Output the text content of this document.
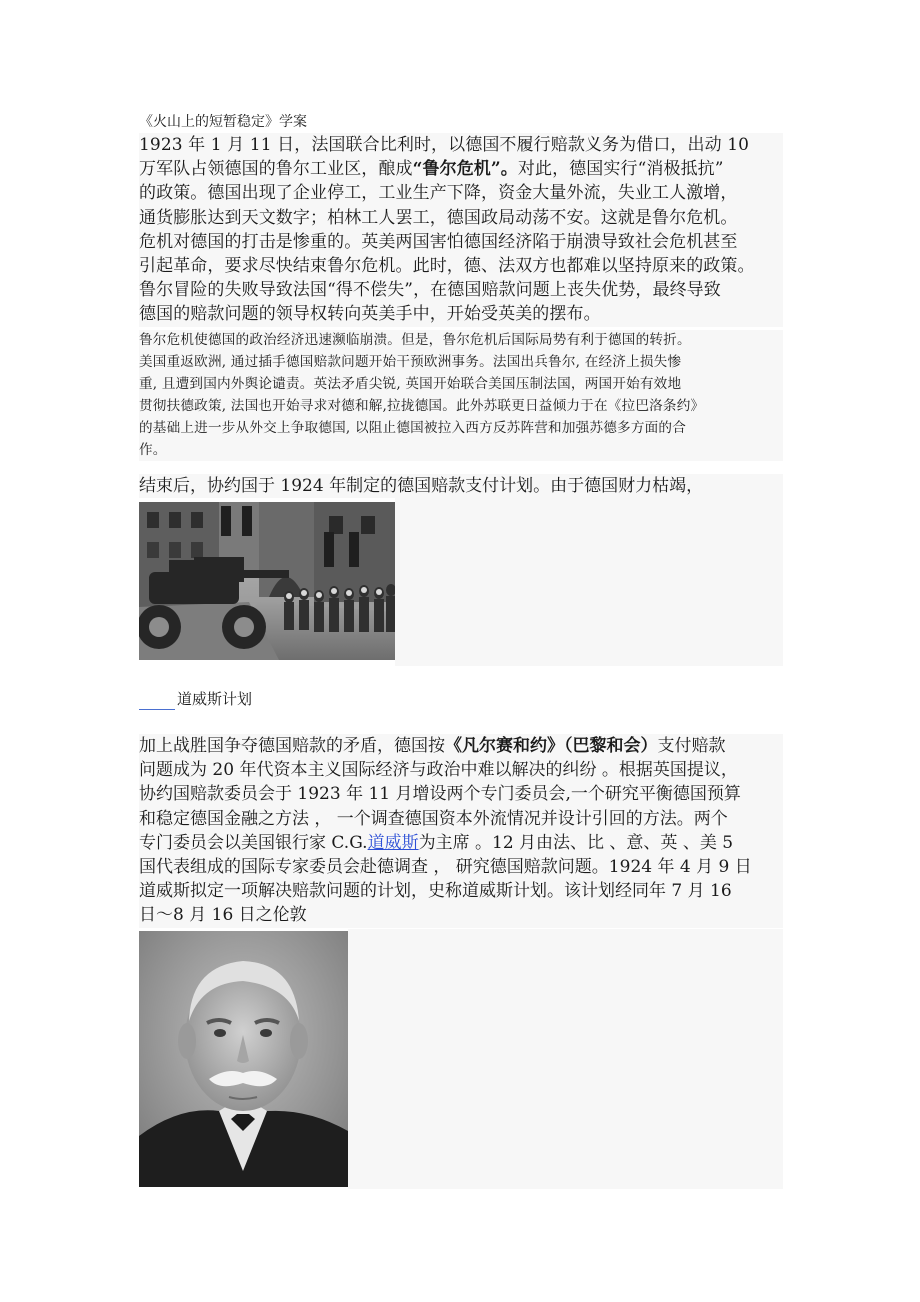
《火山上的短暂稳定》学案
1923 年 1 月 11 日，法国联合比利时，以德国不履行赔款义务为借口，出动 10
万军队占领德国的鲁尔工业区，酿成“鲁尔危机”。对此，德国实行“消极抵抗”
的政策。德国出现了企业停工，工业生产下降，资金大量外流，失业工人激增，
通货膨胀达到天文数字；柏林工人罢工，德国政局动荡不安。这就是鲁尔危机。
危机对德国的打击是惨重的。英美两国害怕德国经济陷于崩溃导致社会危机甚至
引起革命，要求尽快结束鲁尔危机。此时，德、法双方也都难以坚持原来的政策。
鲁尔冒险的失败导致法国“得不偿失”，在德国赔款问题上丧失优势，最终导致
德国的赔款问题的领导权转向英美手中，开始受英美的摆布。
鲁尔危机使德国的政治经济迅速濒临崩溃。但是，鲁尔危机后国际局势有利于德国的转折。
美国重返欧洲, 通过插手德国赔款问题开始干预欧洲事务。法国出兵鲁尔, 在经济上损失惨
重, 且遭到国内外舆论谴责。英法矛盾尖锐, 英国开始联合美国压制法国，两国开始有效地
贯彻扶德政策, 法国也开始寻求对德和解,拉拢德国。此外苏联更日益倾力于在《拉巴洛条约》
的基础上进一步从外交上争取德国, 以阻止德国被拉入西方反苏阵营和加强苏德多方面的合
作。
结束后，协约国于 1924 年制定的德国赔款支付计划。由于德国财力枯竭，
道威斯计划
加上战胜国争夺德国赔款的矛盾，德国按《凡尔赛和约》（巴黎和会）支付赔款
问题成为 20 年代资本主义国际经济与政治中难以解决的纠纷 。根据英国提议，
协约国赔款委员会于 1923 年 11 月增设两个专门委员会,一个研究平衡德国预算
和稳定德国金融之方法 ， 一个调查德国资本外流情况并设计引回的方法。两个
专门委员会以美国银行家 C.G.道威斯为主席 。12 月由法、比 、意、英 、美 5
国代表组成的国际专家委员会赴德调查 ， 研究德国赔款问题。1924 年 4 月 9 日
道威斯拟定一项解决赔款问题的计划，史称道威斯计划。该计划经同年 7 月 16
日～8 月 16 日之伦敦
